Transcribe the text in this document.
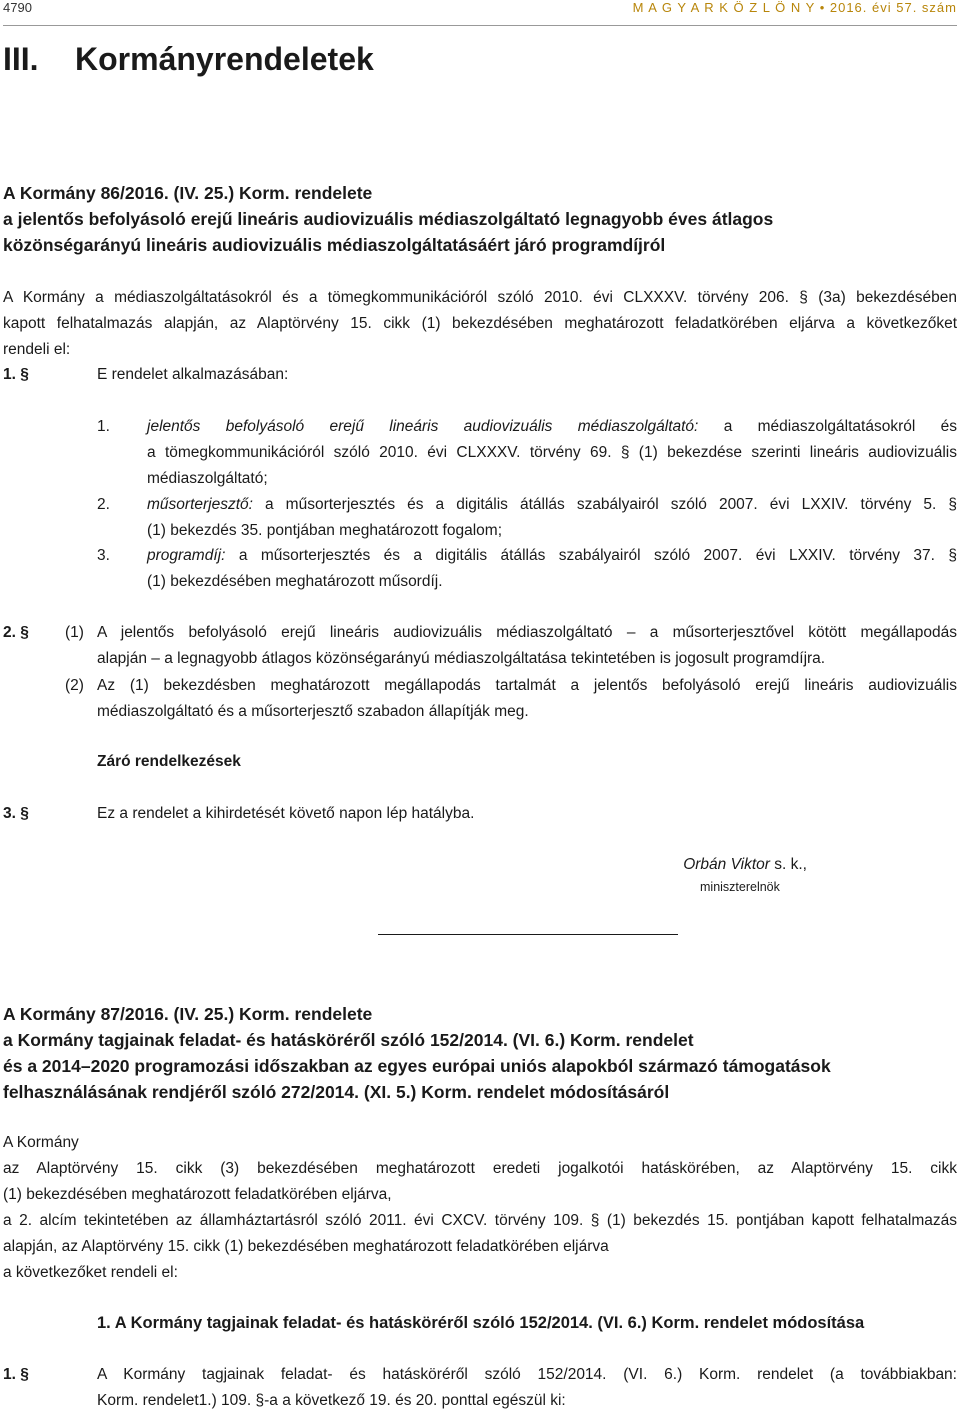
4790	M A G Y A R K Ö Z L Ö N Y • 2016. évi 57. szám
III. Kormányrendeletek
A Kormány 86/2016. (IV. 25.) Korm. rendelete
a jelentős befolyásoló erejű lineáris audiovizuális médiaszolgáltató legnagyobb éves átlagos
közönségarányú lineáris audiovizuális médiaszolgáltatásáért járó programdíjról
A Kormány a médiaszolgáltatásokról és a tömegkommunikációról szóló 2010. évi CLXXXV. törvény 206. § (3a) bekezdésében
kapott felhatalmazás alapján, az Alaptörvény 15. cikk (1) bekezdésében meghatározott feladatkörében eljárva a következőket
rendeli el:
1. §	E rendelet alkalmazásában:
1. jelentős befolyásoló erejű lineáris audiovizuális médiaszolgáltató: a médiaszolgáltatásokról és
a tömegkommunikációról szóló 2010. évi CLXXXV. törvény 69. § (1) bekezdése szerinti lineáris audiovizuális
médiaszolgáltató;
2. műsorterjesztő: a műsorterjesztés és a digitális átállás szabályairól szóló 2007. évi LXXIV. törvény 5. §
(1) bekezdés 35. pontjában meghatározott fogalom;
3. programdíj: a műsorterjesztés és a digitális átállás szabályairól szóló 2007. évi LXXIV. törvény 37. §
(1) bekezdésében meghatározott műsordíj.
2. § (1) A jelentős befolyásoló erejű lineáris audiovizuális médiaszolgáltató – a műsorterjesztővel kötött megállapodás
alapján – a legnagyobb átlagos közönségarányú médiaszolgáltatása tekintetében is jogosult programdíjra.
(2) Az (1) bekezdésben meghatározott megállapodás tartalmát a jelentős befolyásoló erejű lineáris audiovizuális
médiaszolgáltató és a műsorterjesztő szabadon állapítják meg.
Záró rendelkezések
3. §	Ez a rendelet a kihirdetését követő napon lép hatályba.
Orbán Viktor s. k.,
miniszterelnök
A Kormány 87/2016. (IV. 25.) Korm. rendelete
a Kormány tagjainak feladat- és hatásköréről szóló 152/2014. (VI. 6.) Korm. rendelet
és a 2014–2020 programozási időszakban az egyes európai uniós alapokból származó támogatások
felhasználásának rendjéről szóló 272/2014. (XI. 5.) Korm. rendelet módosításáról
A Kormány
az Alaptörvény 15. cikk (3) bekezdésében meghatározott eredeti jogalkotói hatáskörében, az Alaptörvény 15. cikk
(1) bekezdésében meghatározott feladatkörében eljárva,
a 2. alcím tekintetében az államháztartásról szóló 2011. évi CXCV. törvény 109. § (1) bekezdés 15. pontjában kapott felhatalmazás
alapján, az Alaptörvény 15. cikk (1) bekezdésében meghatározott feladatkörében eljárva
a következőket rendeli el:
1. A Kormány tagjainak feladat- és hatásköréről szóló 152/2014. (VI. 6.) Korm. rendelet módosítása
1. §	A Kormány tagjainak feladat- és hatásköréről szóló 152/2014. (VI. 6.) Korm. rendelet (a továbbiakban:
Korm. rendelet1.) 109. §-a a következő 19. és 20. ponttal egészül ki:
